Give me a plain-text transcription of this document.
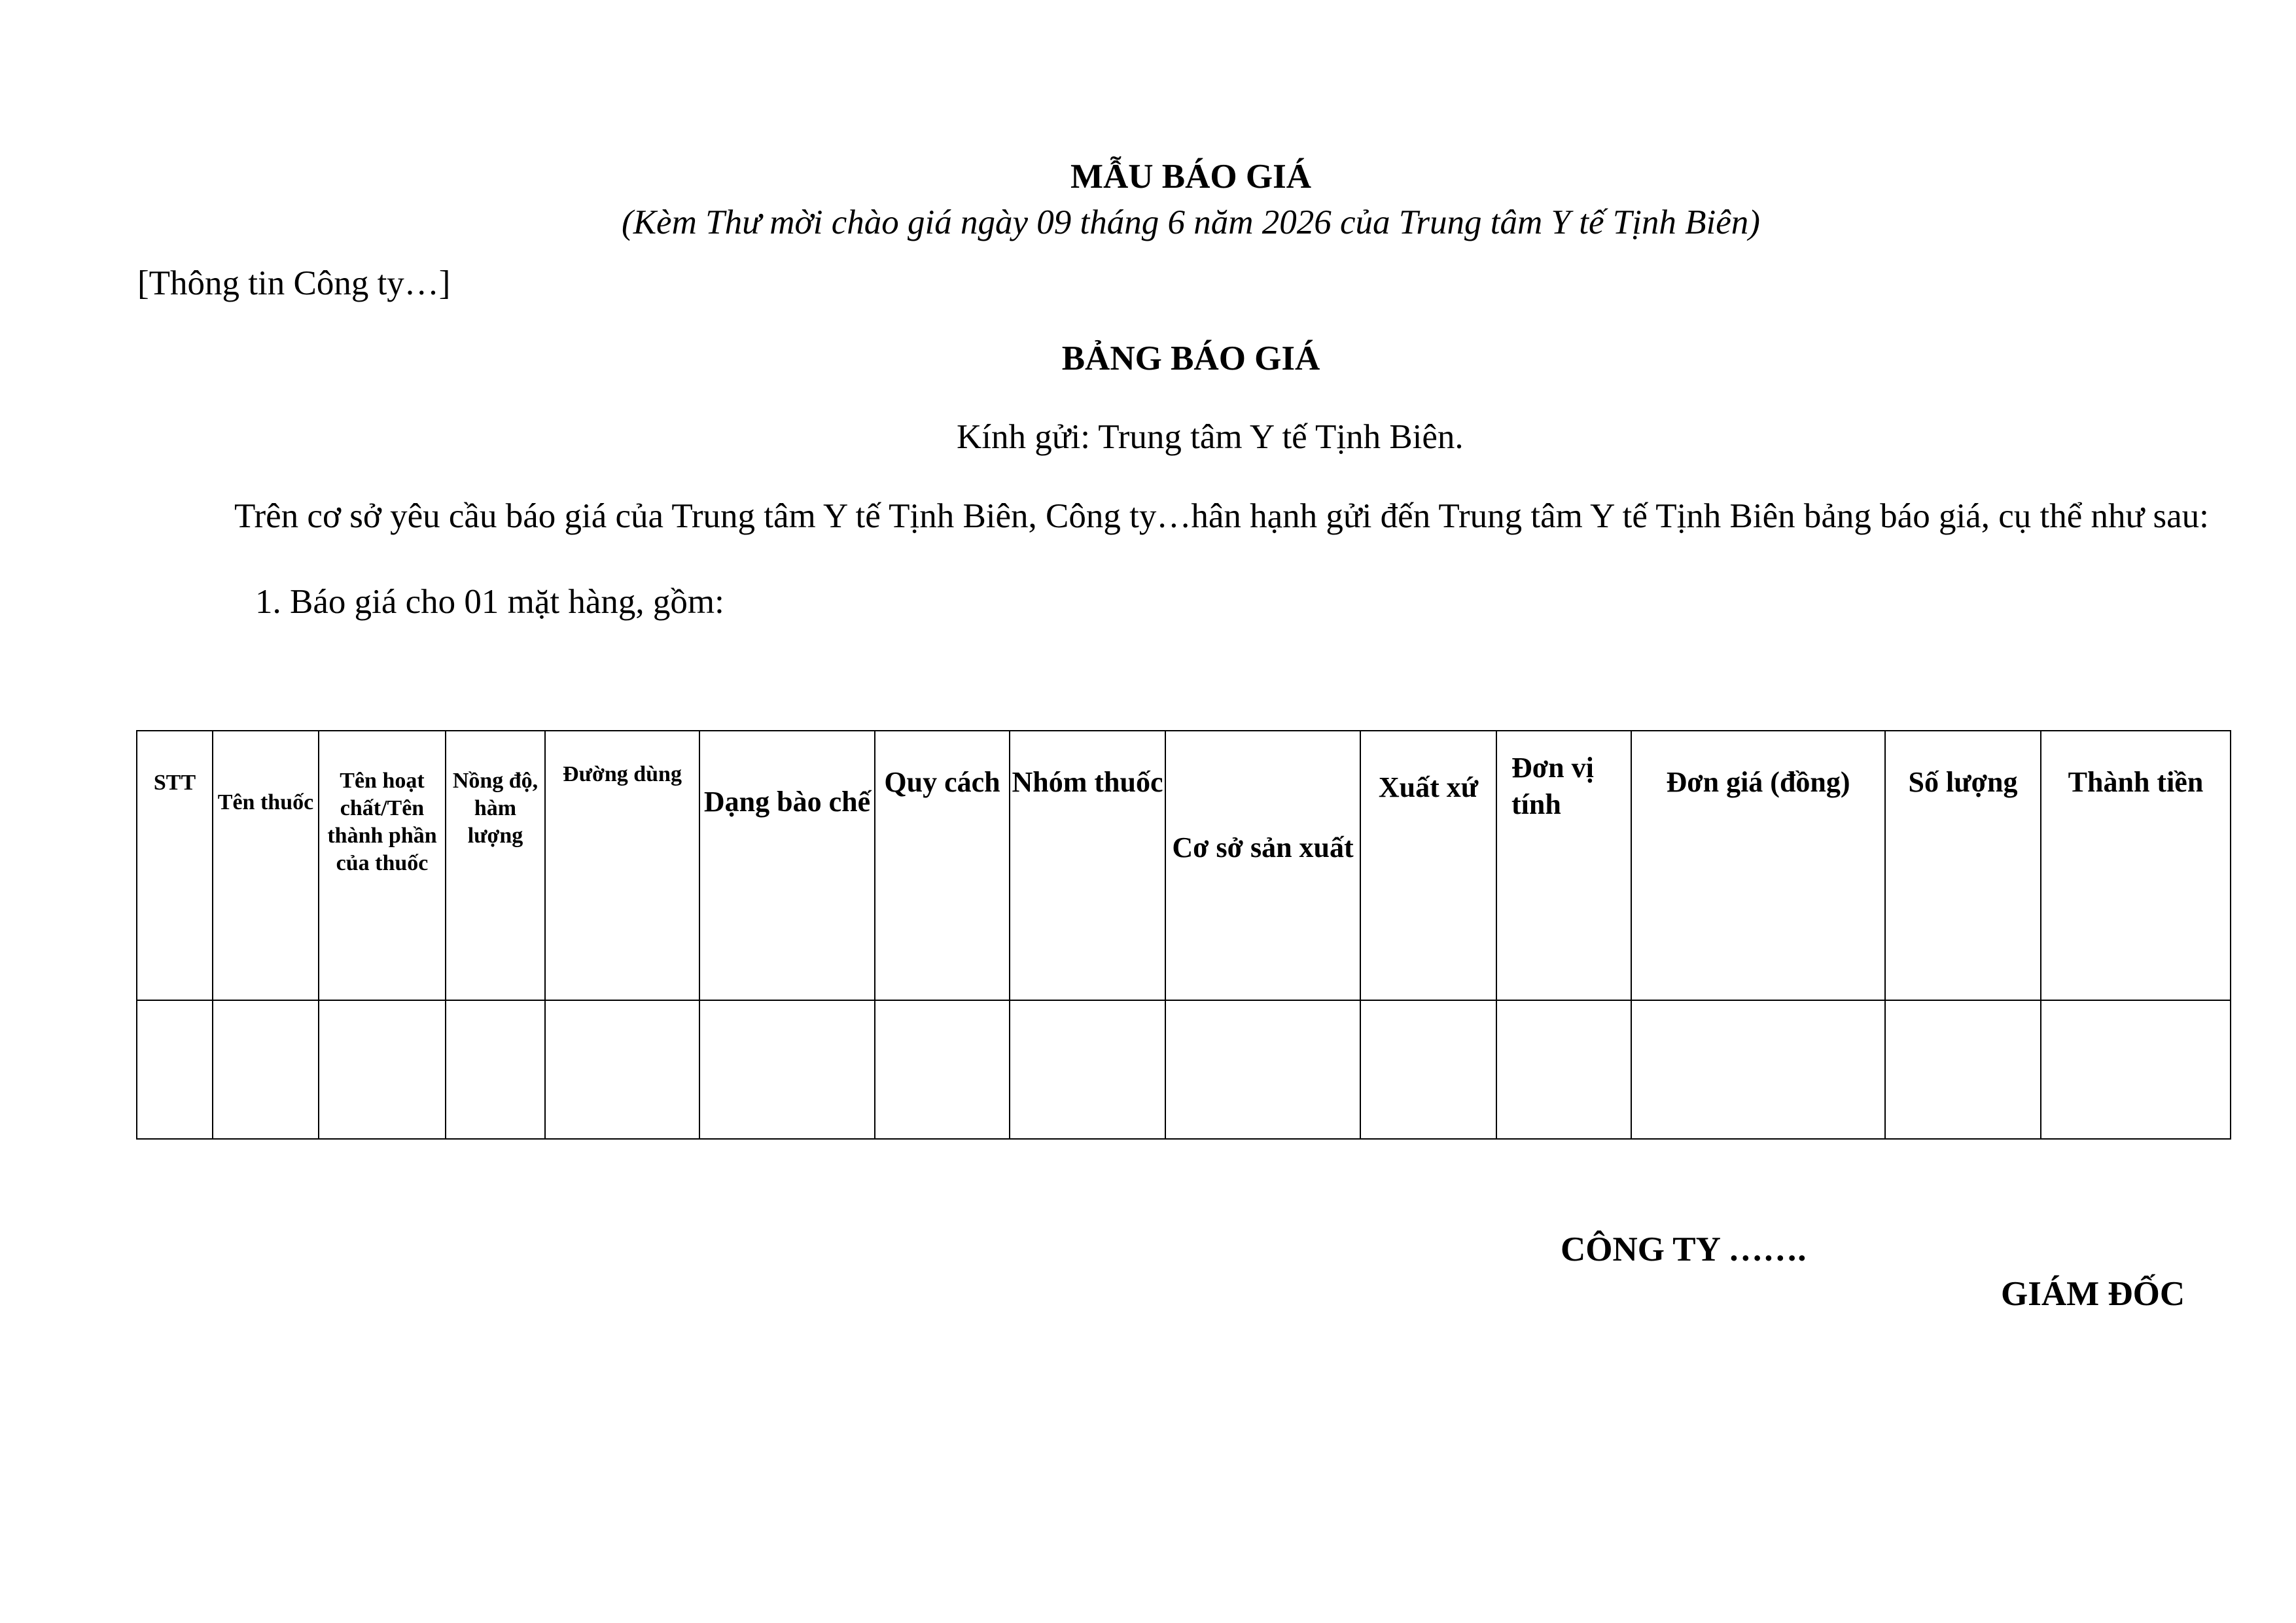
MẪU BÁO GIÁ
(Kèm Thư mời chào giá ngày 09 tháng 6 năm 2026 của Trung tâm Y tế Tịnh Biên)
[Thông tin Công ty…]
BẢNG BÁO GIÁ
Kính gửi: Trung tâm Y tế Tịnh Biên.
Trên cơ sở yêu cầu báo giá của Trung tâm Y tế Tịnh Biên, Công ty…hân hạnh gửi đến Trung tâm Y tế Tịnh Biên bảng báo giá, cụ thể như sau:
1. Báo giá cho 01 mặt hàng, gồm:
STT	Tên thuốc	Tên hoạt chất/Tên thành phần của thuốc	Nồng độ, hàm lượng	Đường dùng	Dạng bào chế	Quy cách	Nhóm thuốc	Cơ sở sản xuất	Xuất xứ	Đơn vị tính	Đơn giá (đồng)	Số lượng	Thành tiền

CÔNG TY …….
GIÁM ĐỐC
